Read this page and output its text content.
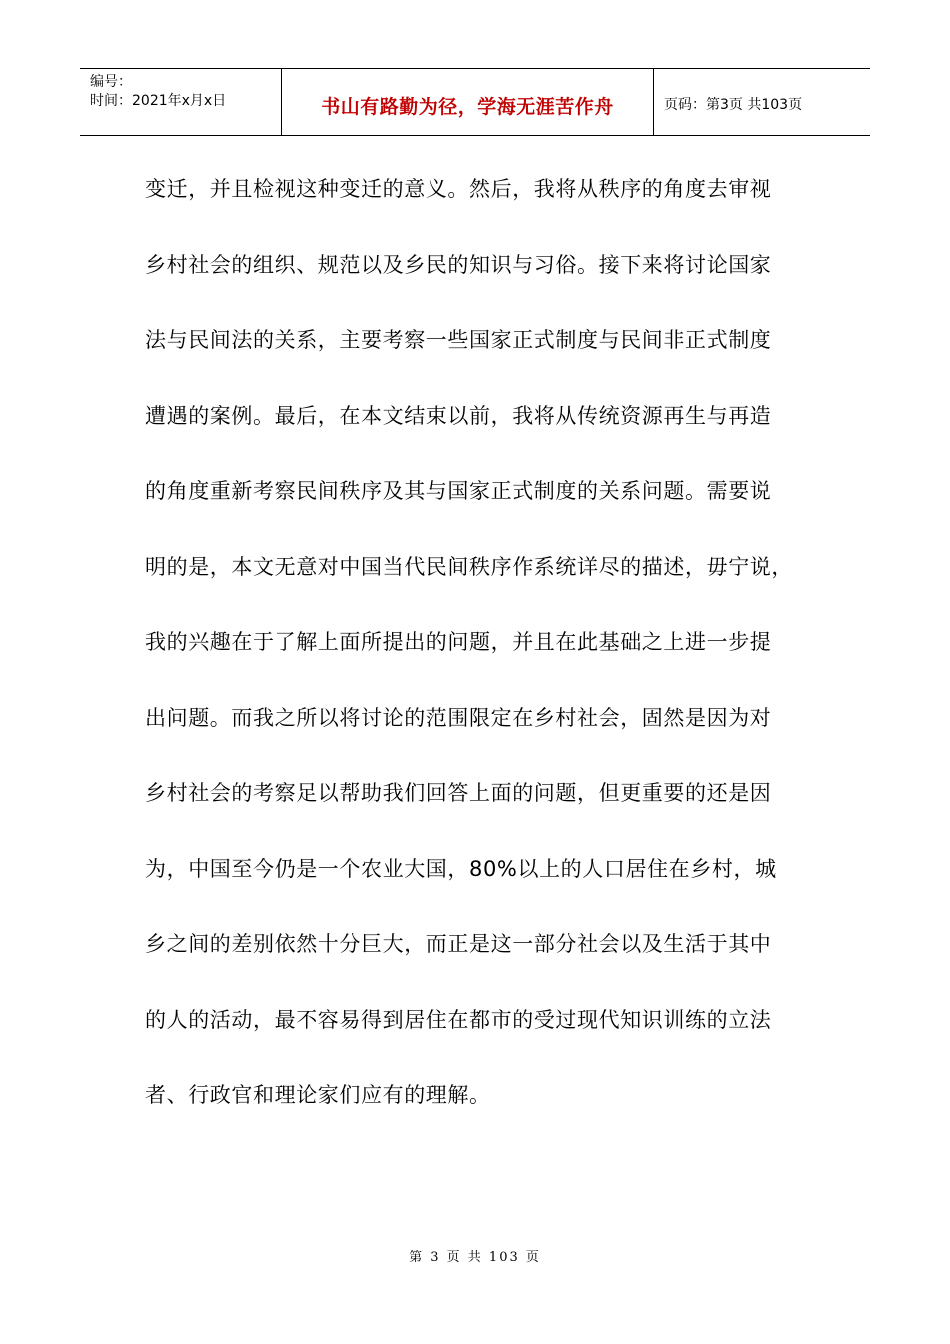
编号：
时间：2021年x月x日	书山有路勤为径，学海无涯苦作舟	页码：第3页 共103页
变迁，并且检视这种变迁的意义。然后，我将从秩序的角度去审视
乡村社会的组织、规范以及乡民的知识与习俗。接下来将讨论国家
法与民间法的关系，主要考察一些国家正式制度与民间非正式制度
遭遇的案例。最后，在本文结束以前，我将从传统资源再生与再造
的角度重新考察民间秩序及其与国家正式制度的关系问题。需要说
明的是，本文无意对中国当代民间秩序作系统详尽的描述，毋宁说，
我的兴趣在于了解上面所提出的问题，并且在此基础之上进一步提
出问题。而我之所以将讨论的范围限定在乡村社会，固然是因为对
乡村社会的考察足以帮助我们回答上面的问题，但更重要的还是因
为，中国至今仍是一个农业大国，80%以上的人口居住在乡村，城
乡之间的差别依然十分巨大，而正是这一部分社会以及生活于其中
的人的活动，最不容易得到居住在都市的受过现代知识训练的立法
者、行政官和理论家们应有的理解。
第 3 页 共 103 页
